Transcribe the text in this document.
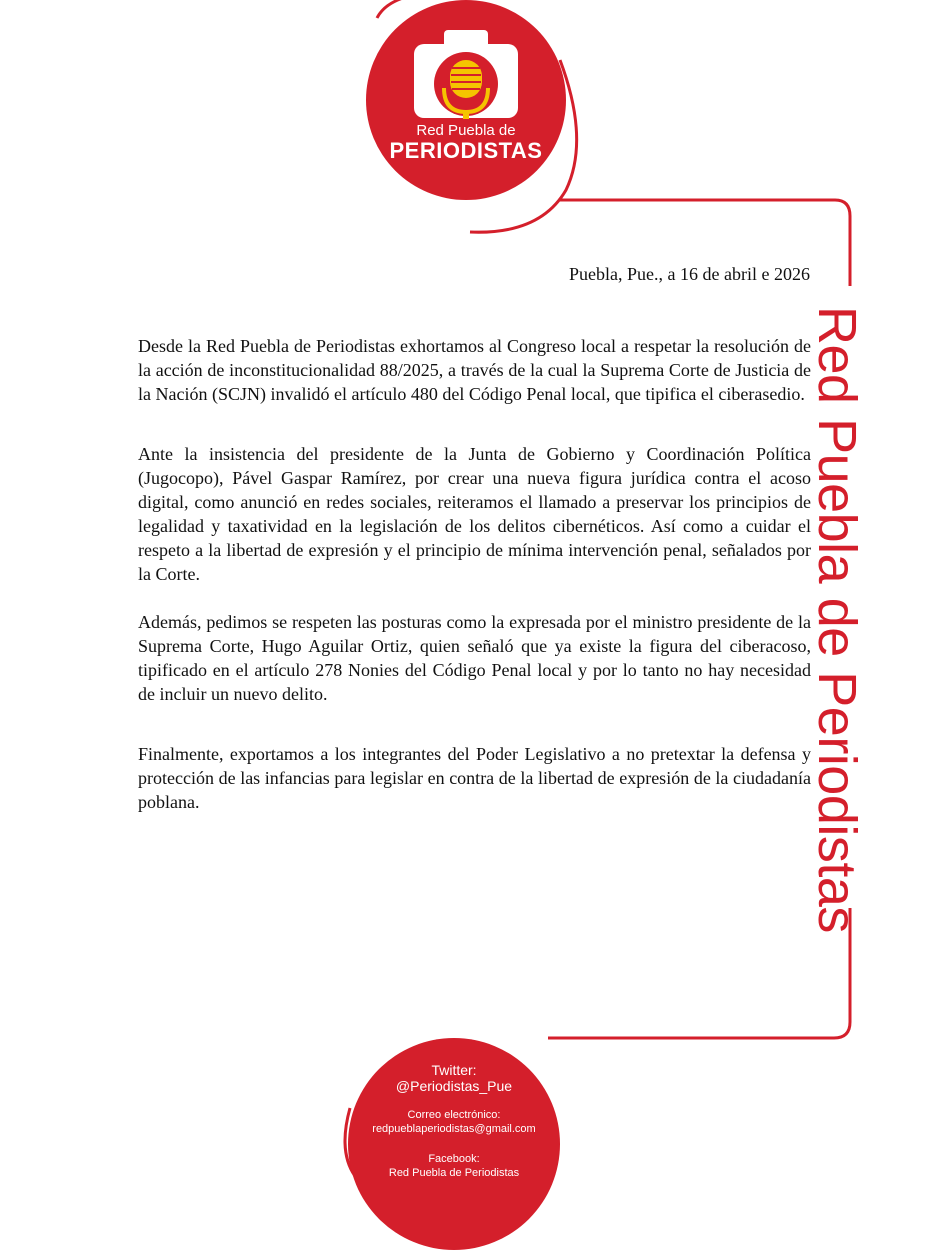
Red Puebla de
PERIODISTAS
Red Puebla de Periodistas
Puebla, Pue., a 16 de abril e 2026

Desde la Red Puebla de Periodistas exhortamos al Congreso local a respetar la resolución de la acción de inconstitucionalidad 88/2025, a través de la cual la Suprema Corte de Justicia de la Nación (SCJN) invalidó el artículo 480 del Código Penal local, que tipifica el ciberasedio.

Ante la insistencia del presidente de la Junta de Gobierno y Coordinación Política (Jugocopo), Pável Gaspar Ramírez, por crear una nueva figura jurídica contra el acoso digital, como anunció en redes sociales, reiteramos el llamado a preservar los principios de legalidad y taxatividad en la legislación de los delitos cibernéticos. Así como a cuidar el respeto a la libertad de expresión y el principio de mínima intervención penal, señalados por la Corte.

Además, pedimos se respeten las posturas como la expresada por el ministro presidente de la Suprema Corte, Hugo Aguilar Ortiz, quien señaló que ya existe la figura del ciberacoso, tipificado en el artículo 278 Nonies del Código Penal local y por lo tanto no hay necesidad de incluir un nuevo delito.

Finalmente, exportamos a los integrantes del Poder Legislativo a no pretextar la defensa y protección de las infancias para legislar en contra de la libertad de expresión de la ciudadanía poblana.

Twitter:
@Periodistas_Pue
Correo electrónico:
redpueblaperiodistas@gmail.com
Facebook:
Red Puebla de Periodistas
